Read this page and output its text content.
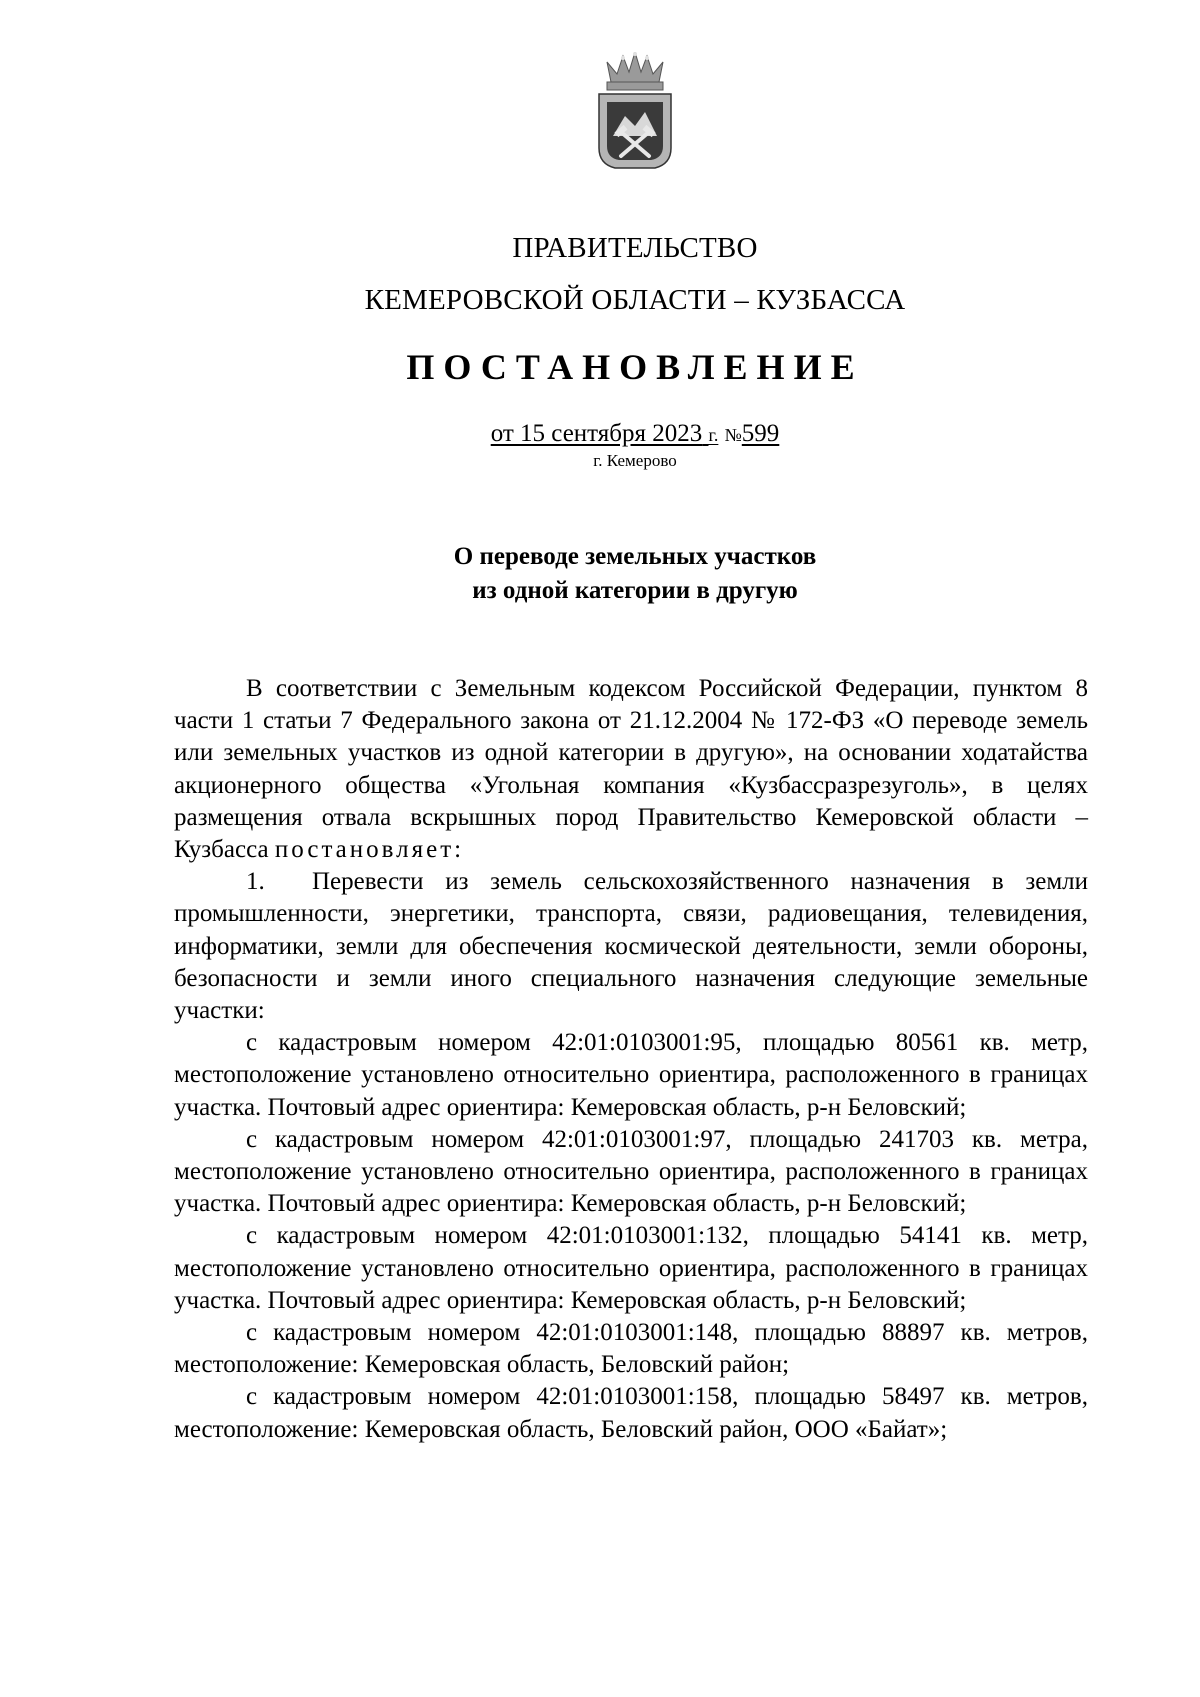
ПРАВИТЕЛЬСТВО
КЕМЕРОВСКОЙ ОБЛАСТИ – КУЗБАССА
ПОСТАНОВЛЕНИЕ
от 15 сентября 2023 г. №599
г. Кемерово
О переводе земельных участков
из одной категории в другую

В соответствии с Земельным кодексом Российской Федерации, пунктом 8 части 1 статьи 7 Федерального закона от 21.12.2004 № 172-ФЗ «О переводе земель или земельных участков из одной категории в другую», на основании ходатайства акционерного общества «Угольная компания «Кузбассразрезуголь», в целях размещения отвала вскрышных пород Правительство Кемеровской области – Кузбасса постановляет:

1. Перевести из земель сельскохозяйственного назначения в земли промышленности, энергетики, транспорта, связи, радиовещания, телевидения, информатики, земли для обеспечения космической деятельности, земли обороны, безопасности и земли иного специального назначения следующие земельные участки:

с кадастровым номером 42:01:0103001:95, площадью 80561 кв. метр, местоположение установлено относительно ориентира, расположенного в границах участка. Почтовый адрес ориентира: Кемеровская область, р-н Беловский;

с кадастровым номером 42:01:0103001:97, площадью 241703 кв. метра, местоположение установлено относительно ориентира, расположенного в границах участка. Почтовый адрес ориентира: Кемеровская область, р-н Беловский;

с кадастровым номером 42:01:0103001:132, площадью 54141 кв. метр, местоположение установлено относительно ориентира, расположенного в границах участка. Почтовый адрес ориентира: Кемеровская область, р-н Беловский;

с кадастровым номером 42:01:0103001:148, площадью 88897 кв. метров, местоположение: Кемеровская область, Беловский район;

с кадастровым номером 42:01:0103001:158, площадью 58497 кв. метров, местоположение: Кемеровская область, Беловский район, ООО «Байат»;
